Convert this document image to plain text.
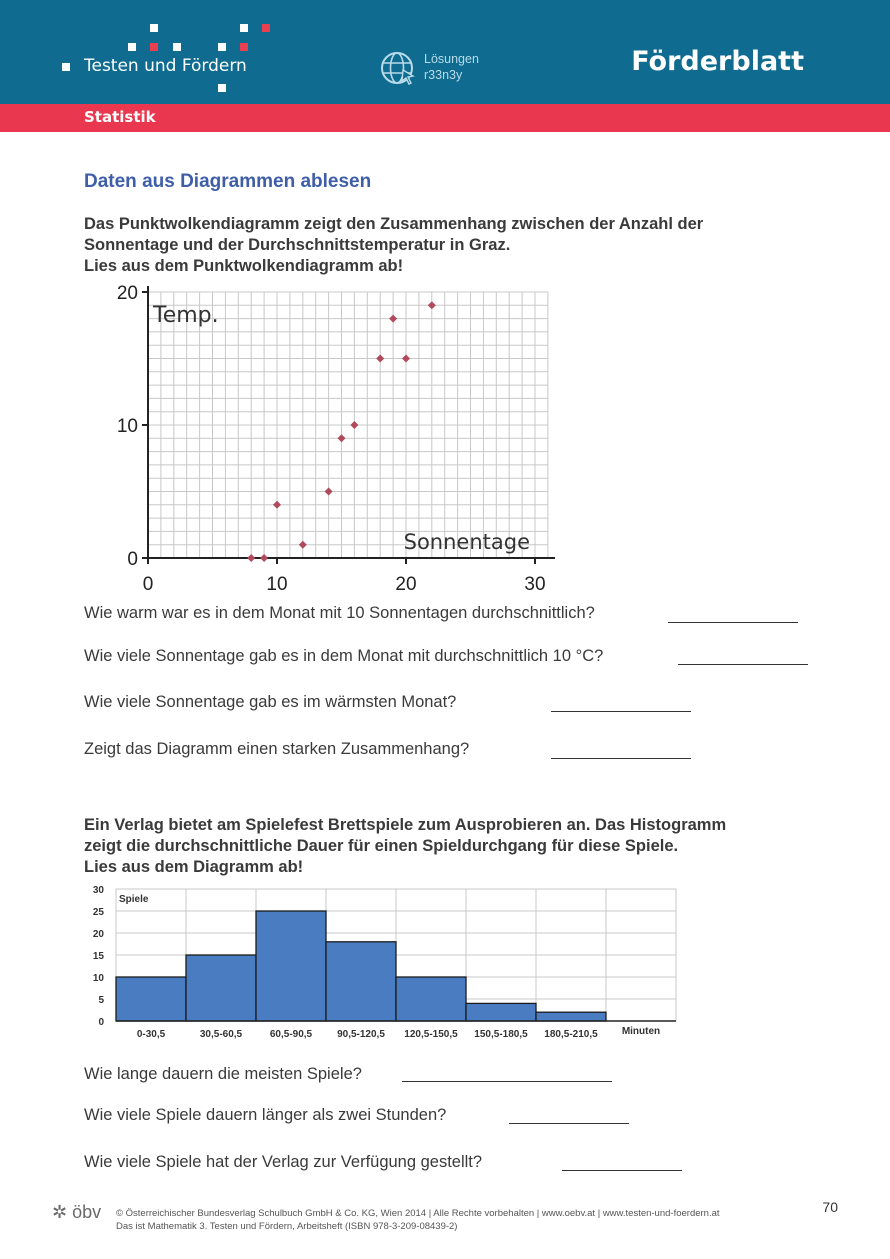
Testen und Fördern	Lösungen
r33n3y	Förderblatt
Statistik
Daten aus Diagrammen ablesen
Das Punktwolkendiagramm zeigt den Zusammenhang zwischen der Anzahl der
Sonnentage und der Durchschnittstemperatur in Graz.
Lies aus dem Punktwolkendiagramm ab!
0
10
20
0	10	20	30
Temp.
Sonnentage
Wie warm war es in dem Monat mit 10 Sonnentagen durchschnittlich?
Wie viele Sonnentage gab es in dem Monat mit durchschnittlich 10 °C?
Wie viele Sonnentage gab es im wärmsten Monat?
Zeigt das Diagramm einen starken Zusammenhang?
Ein Verlag bietet am Spielefest Brettspiele zum Ausprobieren an. Das Histogramm
zeigt die durchschnittliche Dauer für einen Spieldurchgang für diese Spiele.
Lies aus dem Diagramm ab!
0
5
10
15
20
25
30
0-30,5	30,5-60,5	60,5-90,5 90,5-120,5 120,5-150,5 150,5-180,5 180,5-210,5 Minuten
Spiele
Wie lange dauern die meisten Spiele?
Wie viele Spiele dauern länger als zwei Stunden?
Wie viele Spiele hat der Verlag zur Verfügung gestellt?
✲ öbv © Österreichischer Bundesverlag Schulbuch GmbH & Co. KG, Wien 2014 | Alle Rechte vorbehalten | www.oebv.at | www.testen-und-foerdern.at
Das ist Mathematik 3. Testen und Fördern, Arbeitsheft (ISBN 978-3-209-08439-2)
70
